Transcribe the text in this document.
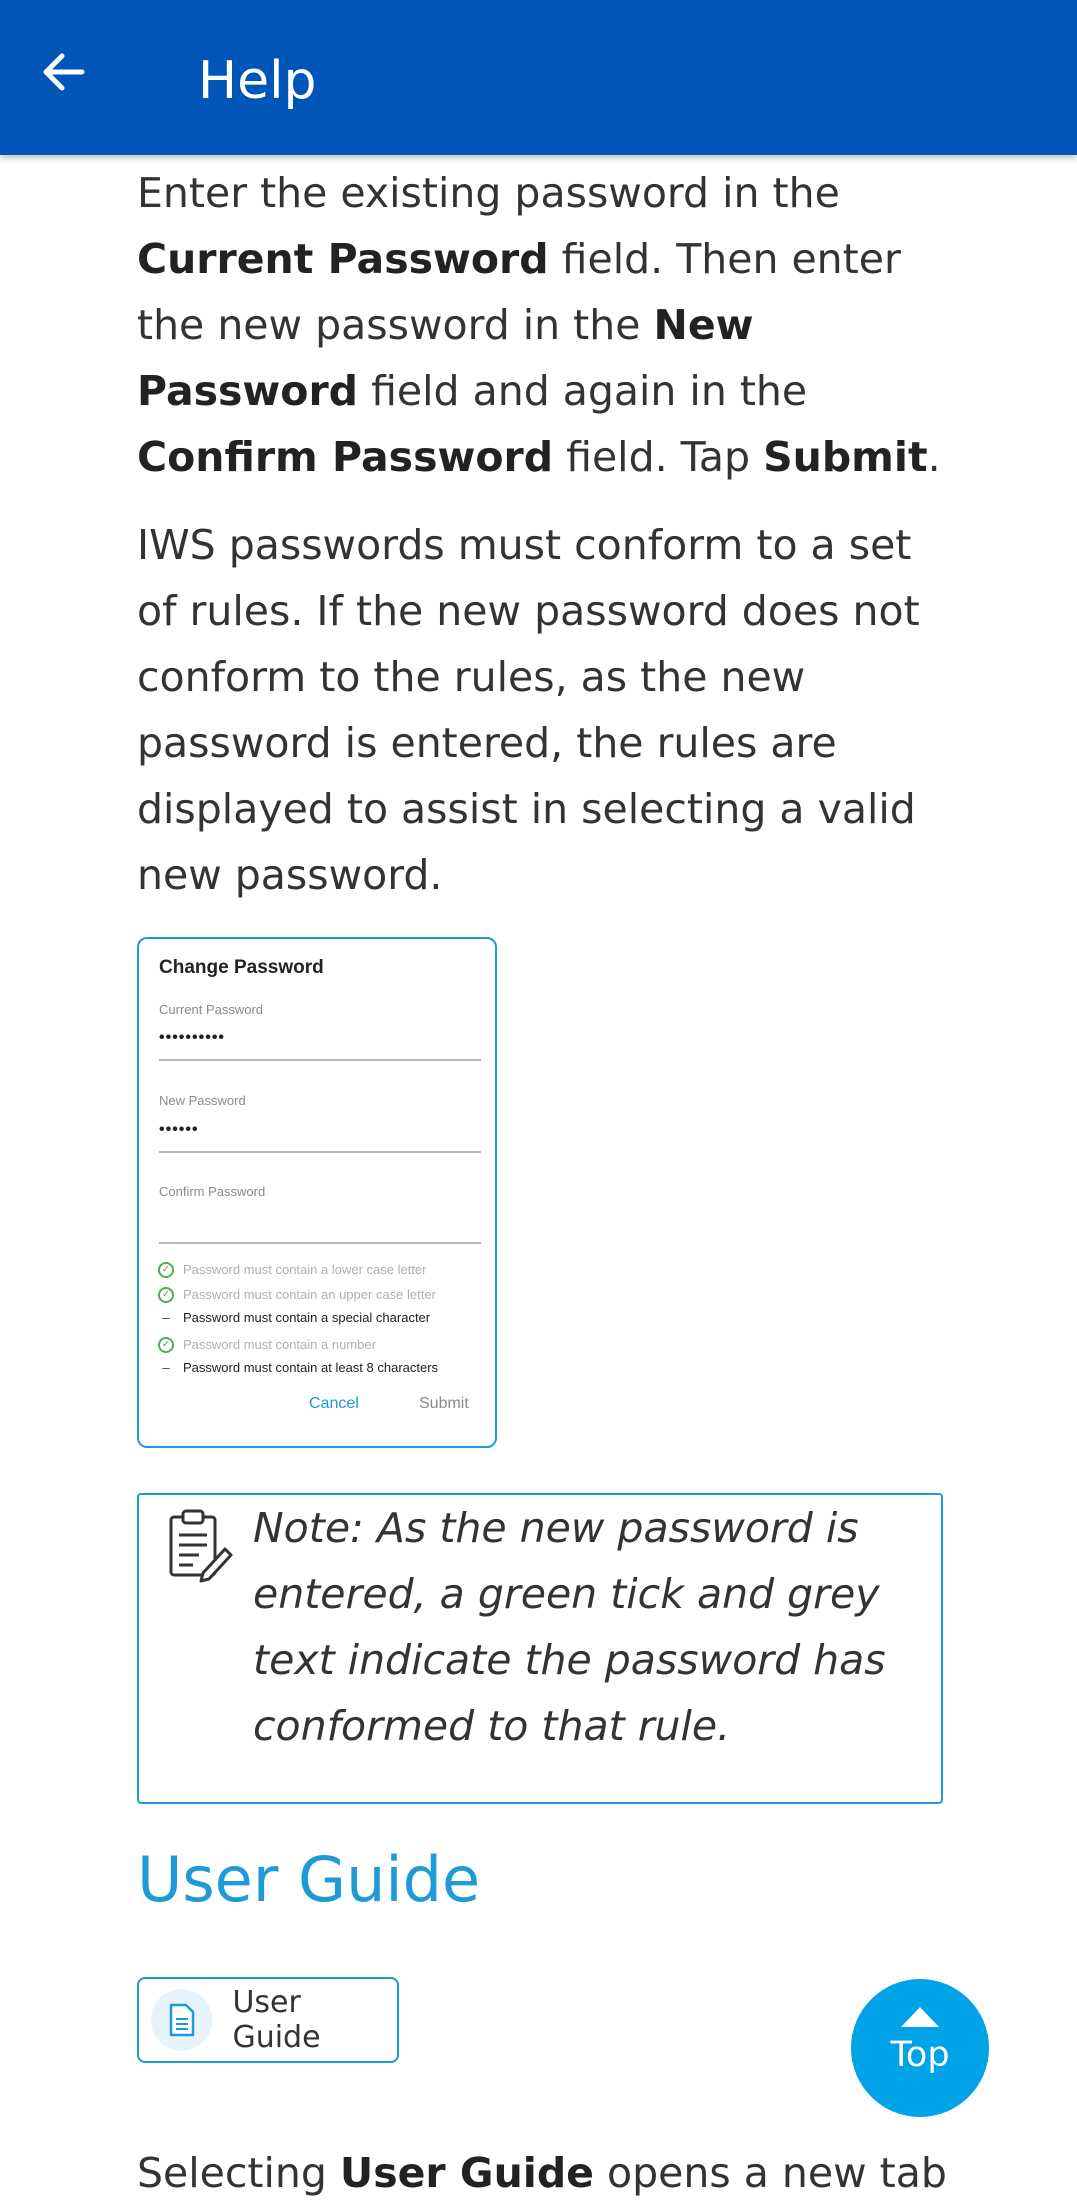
Help

Enter the existing password in the Current Password field. Then enter the new password in the New Password field and again in the Confirm Password field. Tap Submit.

IWS passwords must conform to a set of rules. If the new password does not conform to the rules, as the new password is entered, the rules are displayed to assist in selecting a valid new password.

Change Password
Current Password
••••••••••
New Password
••••••
Confirm Password
✓ Password must contain a lower case letter
✓ Password must contain an upper case letter
–	Password must contain a special character
✓ Password must contain a number
–	Password must contain at least 8 characters
Cancel	Submit

Note: As the new password is entered, a green tick and grey text indicate the password has conformed to that rule.

User Guide
User Guide

Selecting User Guide opens a new tab

Top
